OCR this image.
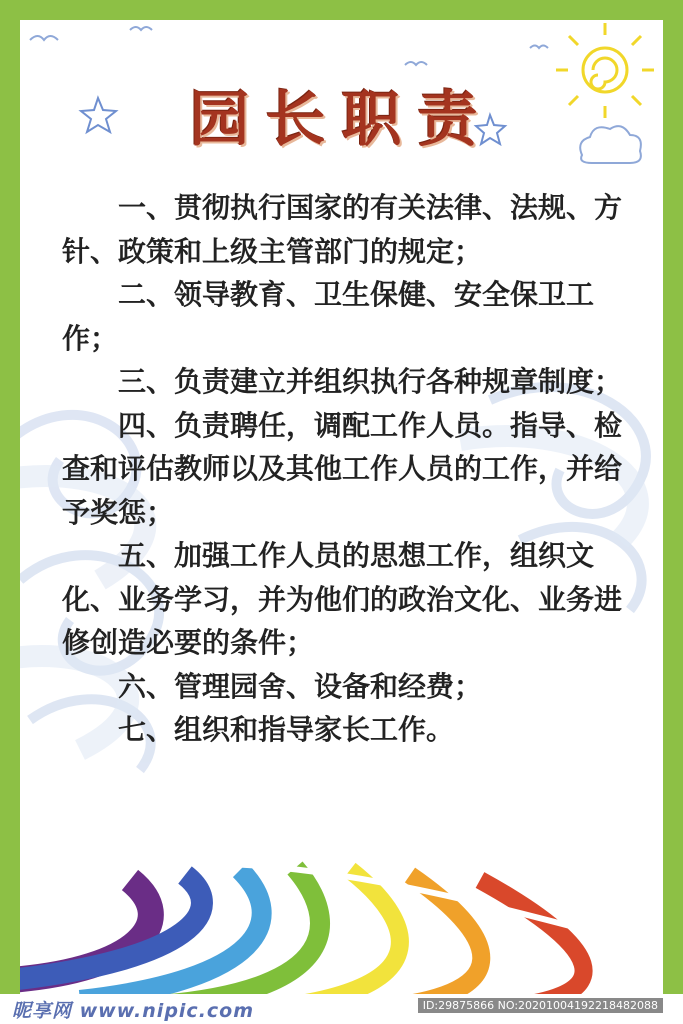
园长职责

一、贯彻执行国家的有关法律、法规、方针、政策和上级主管部门的规定；

二、领导教育、卫生保健、安全保卫工作；

三、负责建立并组织执行各种规章制度；

四、负责聘任，调配工作人员。指导、检查和评估教师以及其他工作人员的工作，并给予奖惩；

五、加强工作人员的思想工作，组织文化、业务学习，并为他们的政治文化、业务进修创造必要的条件；

六、管理园舍、设备和经费；

七、组织和指导家长工作。

昵享网 www.nipic.com	ID:29875866 NO:20201004192218482088
